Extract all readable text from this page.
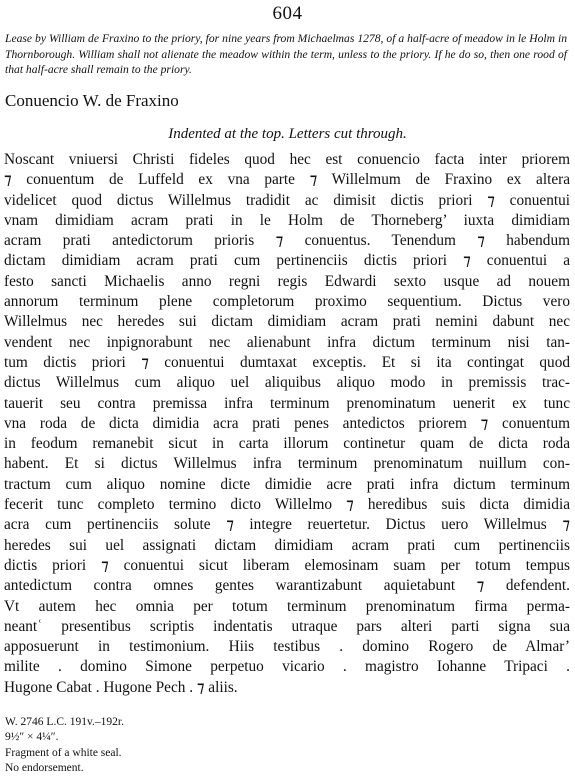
604
Lease by William de Fraxino to the priory, for nine years from Michaelmas 1278, of a half-acre of meadow in le Holm in Thornborough. William shall not alienate the meadow within the term, unless to the priory. If he do so, then one rood of that half-acre shall remain to the priory.
Conuencio W. de Fraxino
Indented at the top. Letters cut through.
Noscant vniuersi Christi fideles quod hec est conuencio facta inter priorem
⁊ conuentum de Luffeld ex vna parte ⁊ Willelmum de Fraxino ex altera
videlicet quod dictus Willelmus tradidit ac dimisit dictis priori ⁊ conuentui
vnam dimidiam acram prati in le Holm de Thorneberg’ iuxta dimidiam
acram prati antedictorum prioris ⁊ conuentus. Tenendum ⁊ habendum
dictam dimidiam acram prati cum pertinenciis dictis priori ⁊ conuentui a
festo sancti Michaelis anno regni regis Edwardi sexto usque ad nouem
annorum terminum plene completorum proximo sequentium. Dictus vero
Willelmus nec heredes sui dictam dimidiam acram prati nemini dabunt nec
vendent nec inpignorabunt nec alienabunt infra dictum terminum nisi tan-
tum dictis priori ⁊ conuentui dumtaxat exceptis. Et si ita contingat quod
dictus Willelmus cum aliquo uel aliquibus aliquo modo in premissis trac-
tauerit seu contra premissa infra terminum prenominatum uenerit ex tunc
vna roda de dicta dimidia acra prati penes antedictos priorem ⁊ conuentum
in feodum remanebit sicut in carta illorum continetur quam de dicta roda
habent. Et si dictus Willelmus infra terminum prenominatum nuillum con-
tractum cum aliquo nomine dicte dimidie acre prati infra dictum terminum
fecerit tunc completo termino dicto Willelmo ⁊ heredibus suis dicta dimidia
acra cum pertinenciis solute ⁊ integre reuertetur. Dictus uero Willelmus ⁊
heredes sui uel assignati dictam dimidiam acram prati cum pertinenciis
dictis priori ⁊ conuentui sicut liberam elemosinam suam per totum tempus
antedictum contra omnes gentes warantizabunt aquietabunt ⁊ defendent.
Vt autem hec omnia per totum terminum prenominatum firma perma-
neantʿ presentibus scriptis indentatis utraque pars alteri parti signa sua
apposuerunt in testimonium. Hiis testibus . domino Rogero de Almar’
milite . domino Simone perpetuo vicario . magistro Iohanne Tripaci .
Hugone Cabat . Hugone Pech . ⁊ aliis.
W. 2746 L.C. 191v.–192r.
9½″ × 4¼″.
Fragment of a white seal.
No endorsement.
